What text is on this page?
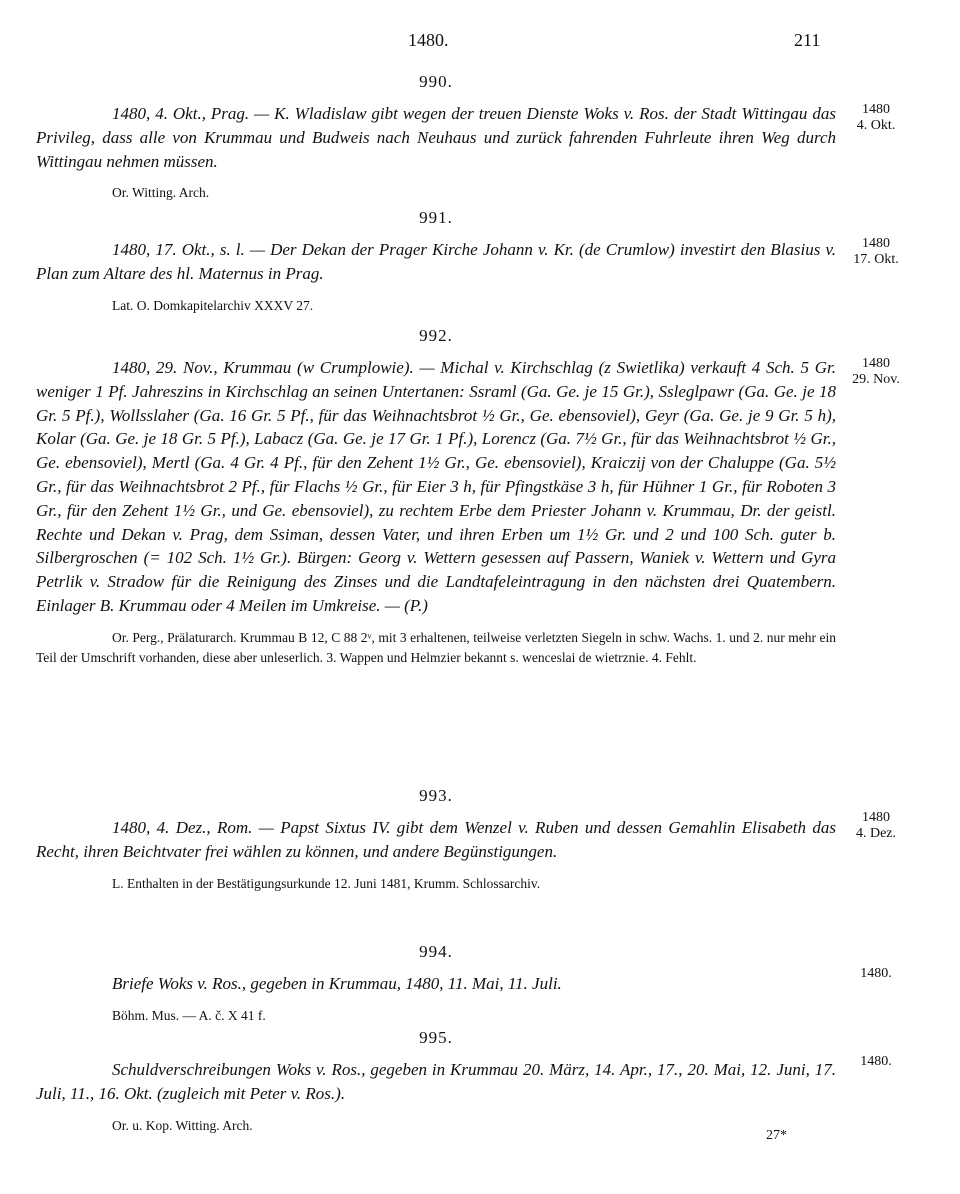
1480.	211
990.
1480, 4. Okt., Prag. — K. Wladislaw gibt wegen der treuen Dienste Woks v. Ros. der Stadt Wittingau das Privileg, dass alle von Krummau und Budweis nach Neuhaus und zurück fahrenden Fuhrleute ihren Weg durch Wittingau nehmen müssen.
Or. Witting. Arch.
1480
4. Okt.
991.
1480, 17. Okt., s. l. — Der Dekan der Prager Kirche Johann v. Kr. (de Crumlow) investirt den Blasius v. Plan zum Altare des hl. Maternus in Prag.
Lat. O. Domkapitelarchiv XXXV 27.
1480
17. Okt.
992.
1480, 29. Nov., Krummau (w Crumplowie). — Michal v. Kirchschlag (z Swietlika) verkauft 4 Sch. 5 Gr. weniger 1 Pf. Jahreszins in Kirchschlag an seinen Untertanen: Ssraml (Ga. Ge. je 15 Gr.), Ssleglpawr (Ga. Ge. je 18 Gr. 5 Pf.), Wollsslaher (Ga. 16 Gr. 5 Pf., für das Weihnachtsbrot ½ Gr., Ge. ebensoviel), Geyr (Ga. Ge. je 9 Gr. 5 h), Kolar (Ga. Ge. je 18 Gr. 5 Pf.), Labacz (Ga. Ge. je 17 Gr. 1 Pf.), Lorencz (Ga. 7½ Gr., für das Weihnachtsbrot ½ Gr., Ge. ebensoviel), Mertl (Ga. 4 Gr. 4 Pf., für den Zehent 1½ Gr., Ge. ebensoviel), Kraiczij von der Chaluppe (Ga. 5½ Gr., für das Weihnachtsbrot 2 Pf., für Flachs ½ Gr., für Eier 3 h, für Pfingstkäse 3 h, für Hühner 1 Gr., für Roboten 3 Gr., für den Zehent 1½ Gr., und Ge. ebensoviel), zu rechtem Erbe dem Priester Johann v. Krummau, Dr. der geistl. Rechte und Dekan v. Prag, dem Ssiman, dessen Vater, und ihren Erben um 1½ Gr. und 2 und 100 Sch. guter b. Silbergroschen (= 102 Sch. 1½ Gr.). Bürgen: Georg v. Wettern gesessen auf Passern, Waniek v. Wettern und Gyra Petrlik v. Stradow für die Reinigung des Zinses und die Landtafeleintragung in den nächsten drei Quatembern. Einlager B. Krummau oder 4 Meilen im Umkreise. — (P.)
Or. Perg., Prälaturarch. Krummau B 12, C 88 2ᵛ, mit 3 erhaltenen, teilweise verletzten Siegeln in schw. Wachs. 1. und 2. nur mehr ein Teil der Umschrift vorhanden, diese aber unleserlich. 3. Wappen und Helmzier bekannt s. wenceslai de wietrznie. 4. Fehlt.
1480
29. Nov.
993.
1480, 4. Dez., Rom. — Papst Sixtus IV. gibt dem Wenzel v. Ruben und dessen Gemahlin Elisabeth das Recht, ihren Beichtvater frei wählen zu können, und andere Begünstigungen.
L. Enthalten in der Bestätigungsurkunde 12. Juni 1481, Krumm. Schlossarchiv.
1480
4. Dez.
994.
Briefe Woks v. Ros., gegeben in Krummau, 1480, 11. Mai, 11. Juli.
Böhm. Mus. — A. č. X 41 f.
1480.
995.
Schuldverschreibungen Woks v. Ros., gegeben in Krummau 20. März, 14. Apr., 17., 20. Mai, 12. Juni, 17. Juli, 11., 16. Okt. (zugleich mit Peter v. Ros.).
Or. u. Kop. Witting. Arch.
1480.
27*
